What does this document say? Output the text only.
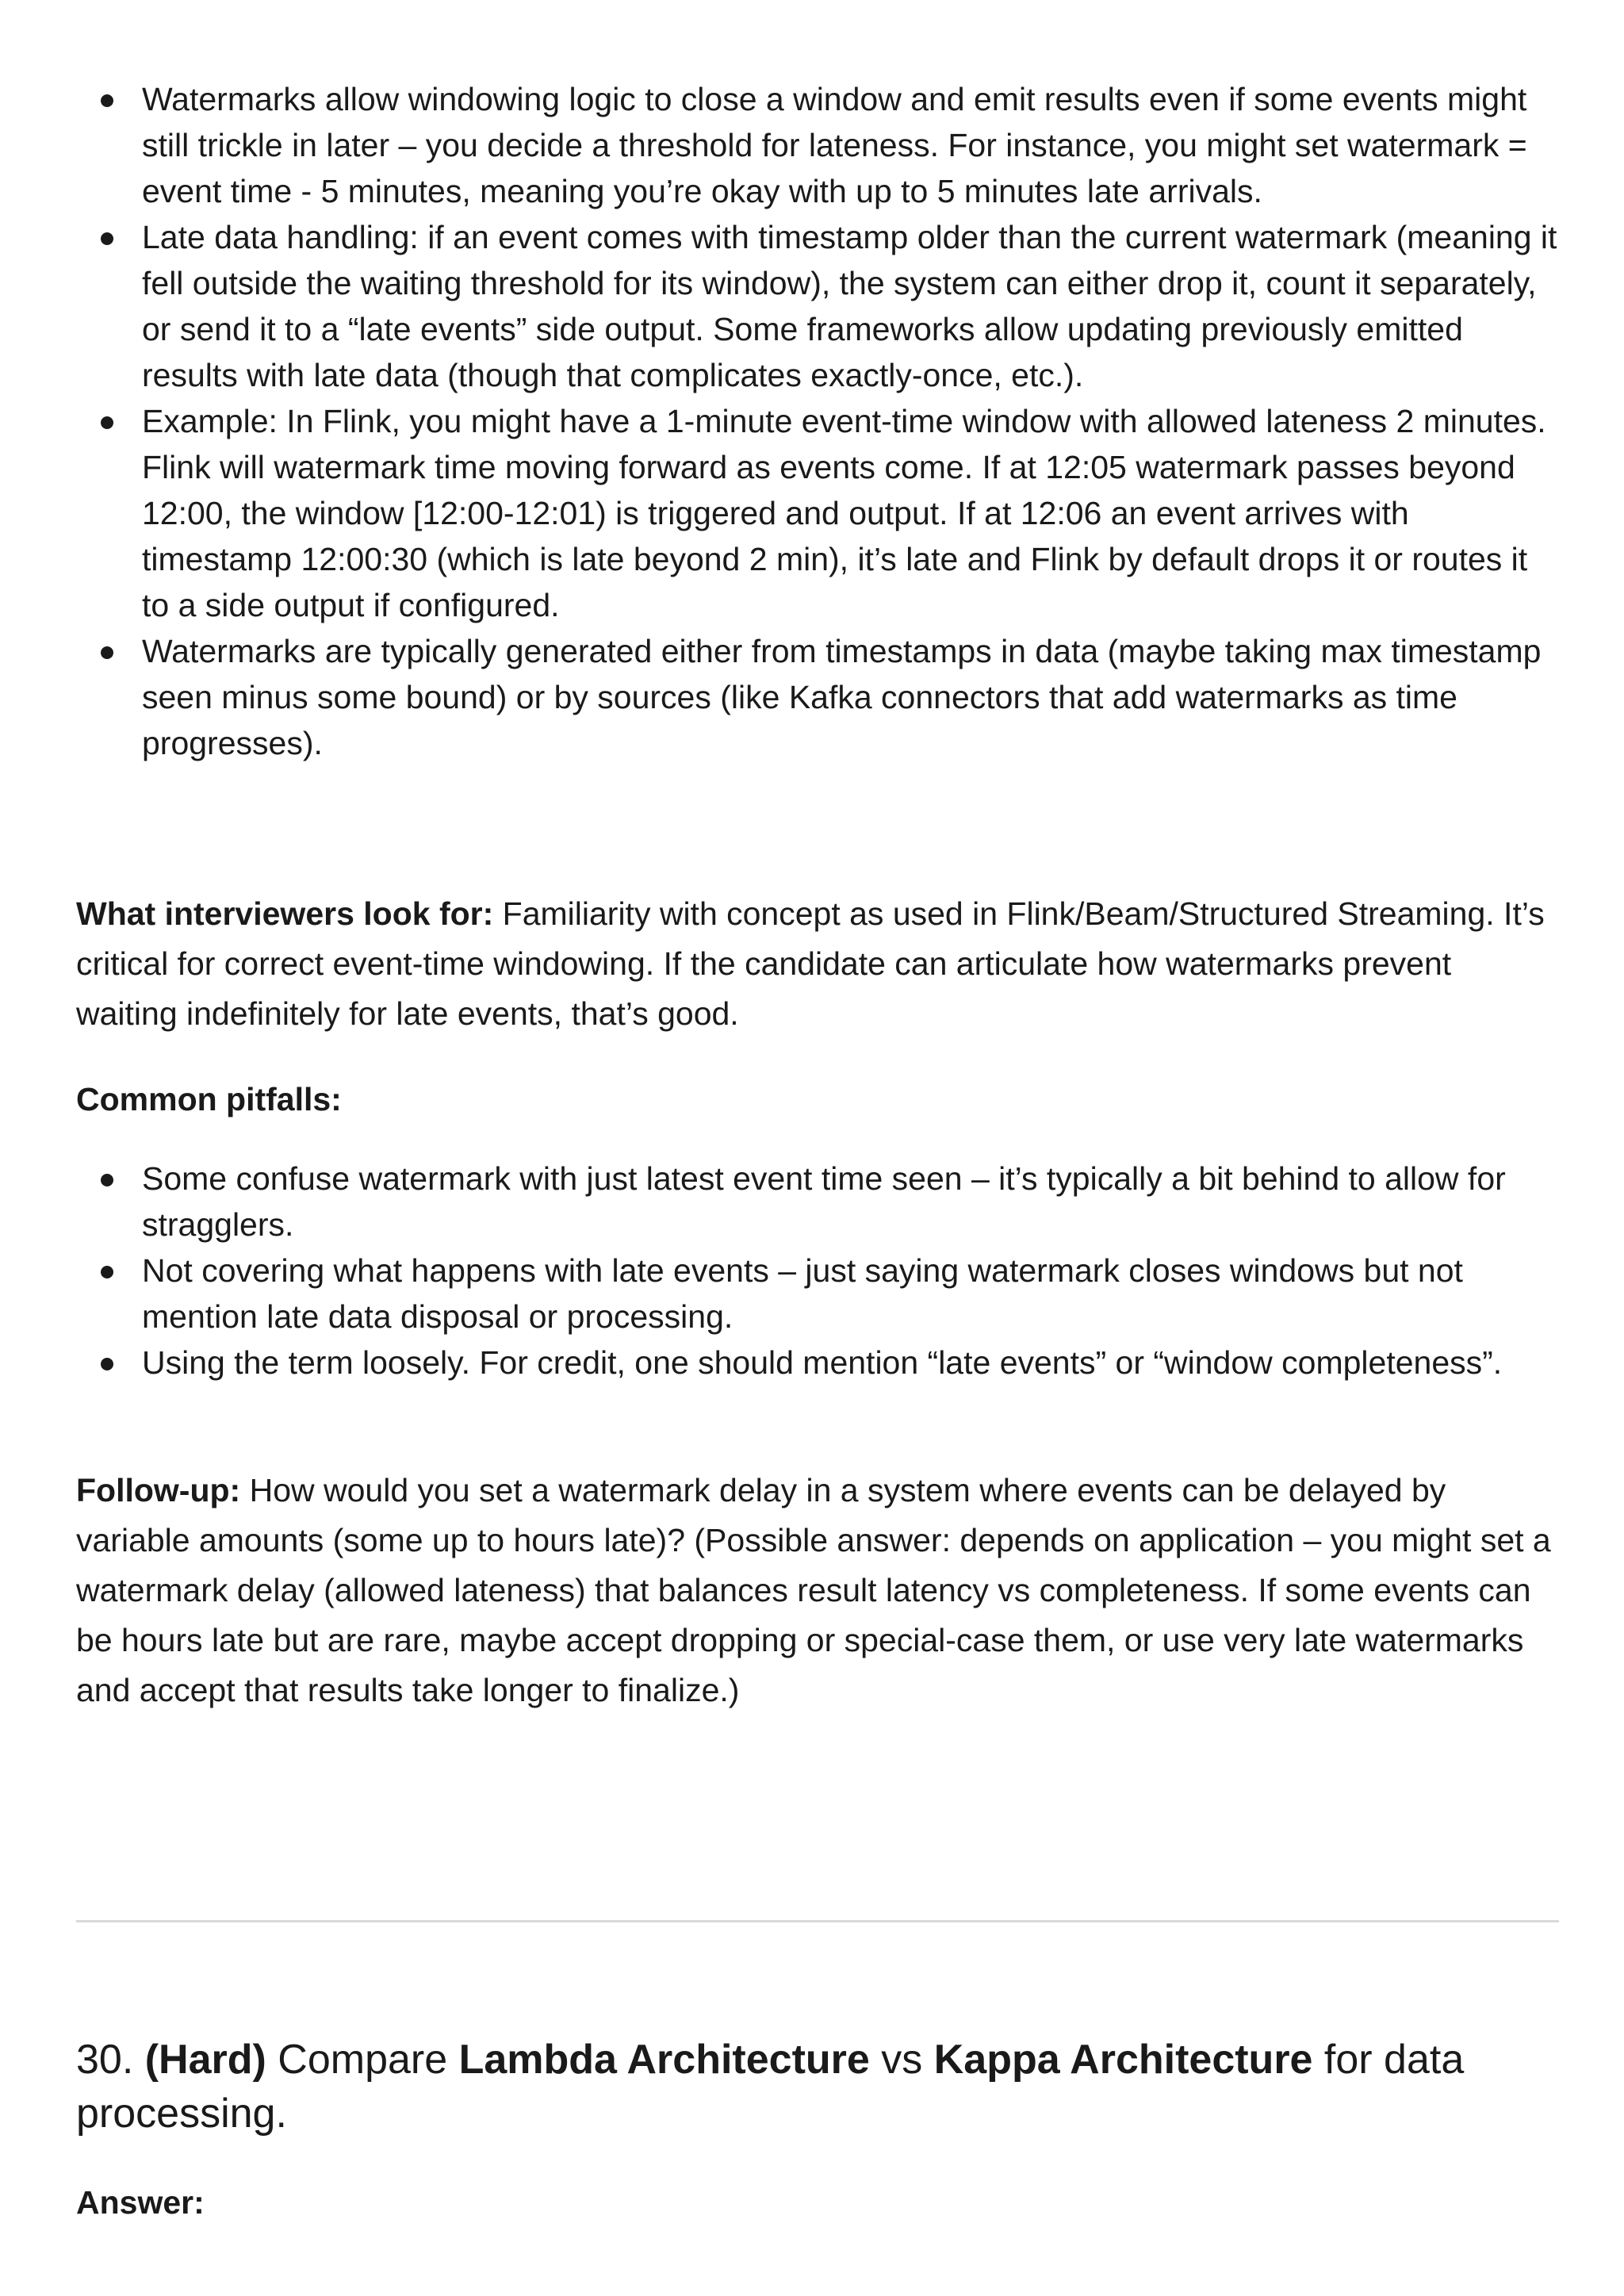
Watermarks allow windowing logic to close a window and emit results even if some events might still trickle in later – you decide a threshold for lateness. For instance, you might set watermark = event time - 5 minutes, meaning you’re okay with up to 5 minutes late arrivals.
Late data handling: if an event comes with timestamp older than the current watermark (meaning it fell outside the waiting threshold for its window), the system can either drop it, count it separately, or send it to a “late events” side output. Some frameworks allow updating previously emitted results with late data (though that complicates exactly-once, etc.).
Example: In Flink, you might have a 1-minute event-time window with allowed lateness 2 minutes. Flink will watermark time moving forward as events come. If at 12:05 watermark passes beyond 12:00, the window [12:00-12:01) is triggered and output. If at 12:06 an event arrives with timestamp 12:00:30 (which is late beyond 2 min), it’s late and Flink by default drops it or routes it to a side output if configured.
Watermarks are typically generated either from timestamps in data (maybe taking max timestamp seen minus some bound) or by sources (like Kafka connectors that add watermarks as time progresses).

What interviewers look for: Familiarity with concept as used in Flink/Beam/Structured Streaming. It’s critical for correct event-time windowing. If the candidate can articulate how watermarks prevent waiting indefinitely for late events, that’s good.

Common pitfalls:

Some confuse watermark with just latest event time seen – it’s typically a bit behind to allow for stragglers.
Not covering what happens with late events – just saying watermark closes windows but not mention late data disposal or processing.
Using the term loosely. For credit, one should mention “late events” or “window completeness”.

Follow-up: How would you set a watermark delay in a system where events can be delayed by variable amounts (some up to hours late)? (Possible answer: depends on application – you might set a watermark delay (allowed lateness) that balances result latency vs completeness. If some events can be hours late but are rare, maybe accept dropping or special-case them, or use very late watermarks and accept that results take longer to finalize.)

30. (Hard) Compare Lambda Architecture vs Kappa Architecture for data processing.

Answer:
